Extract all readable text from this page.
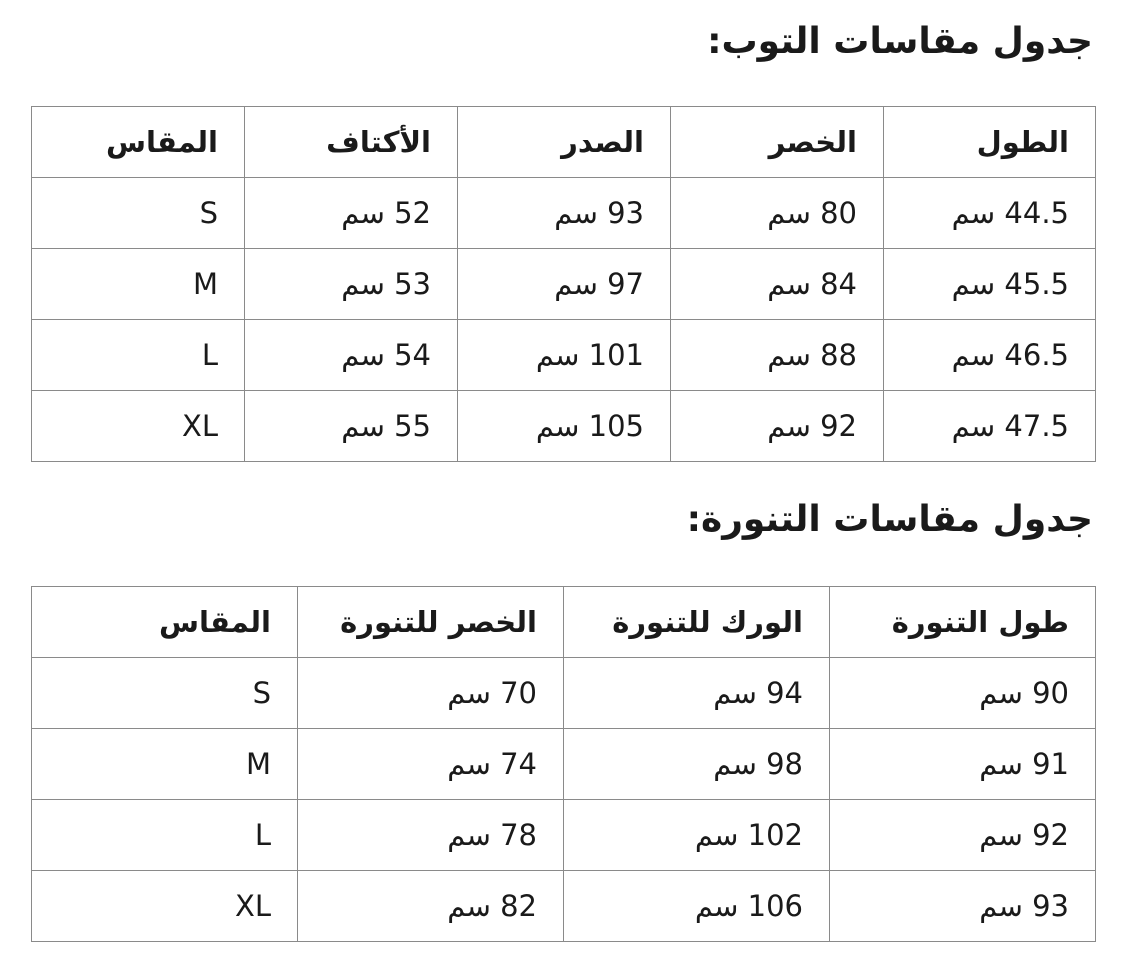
جدول مقاسات التوب:
الطول	الخصر	الصدر	الأكتاف	المقاس
44.5 سم	80 سم	93 سم	52 سم	S
45.5 سم	84 سم	97 سم	53 سم	M
46.5 سم	88 سم	101 سم	54 سم	L
47.5 سم	92 سم	105 سم	55 سم	XL
جدول مقاسات التنورة:
طول التنورة	الورك للتنورة	الخصر للتنورة	المقاس
90 سم	94 سم	70 سم	S
91 سم	98 سم	74 سم	M
92 سم	102 سم	78 سم	L
93 سم	106 سم	82 سم	XL
